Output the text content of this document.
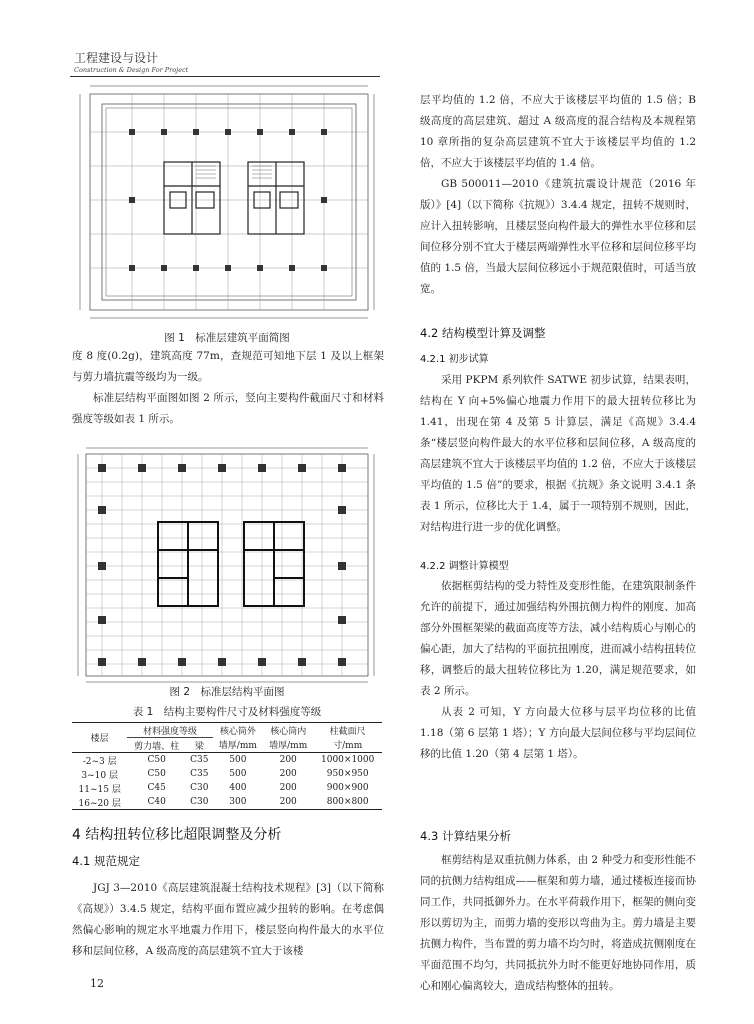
工程建设与设计
Construction & Design For Project
图 1　标准层建筑平面简图

度 8 度(0.2g)，建筑高度 77m，查规范可知地下层 1 及以上框架与剪力墙抗震等级均为一级。

标准层结构平面图如图 2 所示，竖向主要构件截面尺寸和材料强度等级如表 1 所示。

图 2　标准层结构平面图
表 1　结构主要构件尺寸及材料强度等级
楼层	材料强度等级		核心筒外	核心筒内	柱截面尺
	剪力墙、柱	梁	墙厚/mm	墙厚/mm	寸/mm
-2~3 层	C50	C35	500	200	1000×1000
3~10 层	C50	C35	500	200	950×950
11~15 层	C45	C30	400	200	900×900
16~20 层	C40	C30	300	200	800×800
4 结构扭转位移比超限调整及分析
4.1 规范规定

JGJ 3—2010《高层建筑混凝土结构技术规程》[3]（以下简称《高规》）3.4.5 规定，结构平面布置应减少扭转的影响。在考虑偶然偏心影响的规定水平地震力作用下，楼层竖向构件最大的水平位移和层间位移，A 级高度的高层建筑不宜大于该楼

层平均值的 1.2 倍，不应大于该楼层平均值的 1.5 倍；B 级高度的高层建筑、超过 A 级高度的混合结构及本规程第 10 章所指的复杂高层建筑不宜大于该楼层平均值的 1.2 倍，不应大于该楼层平均值的 1.4 倍。

GB 500011—2010《建筑抗震设计规范（2016 年版）》[4]（以下简称《抗规》）3.4.4 规定，扭转不规则时，应计入扭转影响，且楼层竖向构件最大的弹性水平位移和层间位移分别不宜大于楼层两端弹性水平位移和层间位移平均值的 1.5 倍，当最大层间位移远小于规范限值时，可适当放宽。

4.2 结构模型计算及调整
4.2.1 初步试算

采用 PKPM 系列软件 SATWE 初步试算，结果表明，结构在 Y 向+5%偏心地震力作用下的最大扭转位移比为 1.41，出现在第 4 及第 5 计算层，满足《高规》3.4.4 条“楼层竖向构件最大的水平位移和层间位移，A 级高度的高层建筑不宜大于该楼层平均值的 1.2 倍，不应大于该楼层平均值的 1.5 倍”的要求，根据《抗规》条文说明 3.4.1 条表 1 所示，位移比大于 1.4，属于一项特别不规则，因此，对结构进行进一步的优化调整。

4.2.2 调整计算模型

依据框剪结构的受力特性及变形性能，在建筑限制条件允许的前提下，通过加强结构外围抗侧力构件的刚度、加高部分外围框架梁的截面高度等方法，减小结构质心与刚心的偏心距，加大了结构的平面抗扭刚度，进而减小结构扭转位移，调整后的最大扭转位移比为 1.20，满足规范要求，如表 2 所示。

从表 2 可知，Y 方向最大位移与层平均位移的比值 1.18（第 6 层第 1 塔）；Y 方向最大层间位移与平均层间位移的比值 1.20（第 4 层第 1 塔）。

4.3 计算结果分析

框剪结构是双重抗侧力体系，由 2 种受力和变形性能不同的抗侧力结构组成——框架和剪力墙，通过楼板连接而协同工作，共同抵御外力。在水平荷载作用下，框架的侧向变形以剪切为主，而剪力墙的变形以弯曲为主。剪力墙是主要抗侧力构件，当布置的剪力墙不均匀时，将造成抗侧刚度在平面范围不均匀，共同抵抗外力时不能更好地协同作用，质心和刚心偏离较大，造成结构整体的扭转。

12
